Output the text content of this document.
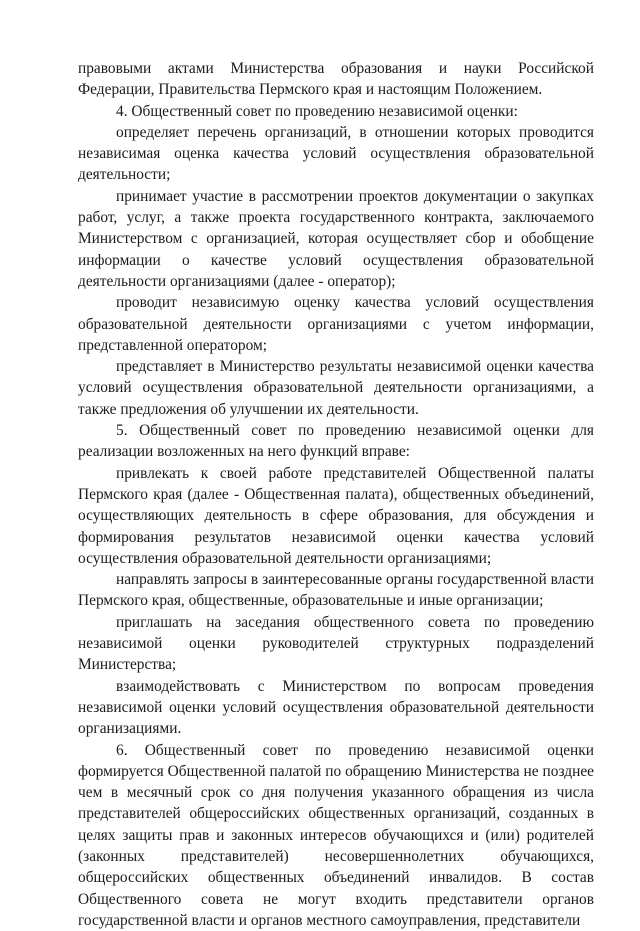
правовыми актами Министерства образования и науки Российской Федерации, Правительства Пермского края и настоящим Положением.

4. Общественный совет по проведению независимой оценки:

определяет перечень организаций, в отношении которых проводится независимая оценка качества условий осуществления образовательной деятельности;

принимает участие в рассмотрении проектов документации о закупках работ, услуг, а также проекта государственного контракта, заключаемого Министерством с организацией, которая осуществляет сбор и обобщение информации о качестве условий осуществления образовательной деятельности организациями (далее - оператор);

проводит независимую оценку качества условий осуществления образовательной деятельности организациями с учетом информации, представленной оператором;

представляет в Министерство результаты независимой оценки качества условий осуществления образовательной деятельности организациями, а также предложения об улучшении их деятельности.

5. Общественный совет по проведению независимой оценки для реализации возложенных на него функций вправе:

привлекать к своей работе представителей Общественной палаты Пермского края (далее - Общественная палата), общественных объединений, осуществляющих деятельность в сфере образования, для обсуждения и формирования результатов независимой оценки качества условий осуществления образовательной деятельности организациями;

направлять запросы в заинтересованные органы государственной власти Пермского края, общественные, образовательные и иные организации;

приглашать на заседания общественного совета по проведению независимой оценки руководителей структурных подразделений Министерства;

взаимодействовать с Министерством по вопросам проведения независимой оценки условий осуществления образовательной деятельности организациями.

6. Общественный совет по проведению независимой оценки формируется Общественной палатой по обращению Министерства не позднее чем в месячный срок со дня получения указанного обращения из числа представителей общероссийских общественных организаций, созданных в целях защиты прав и законных интересов обучающихся и (или) родителей (законных представителей) несовершеннолетних обучающихся, общероссийских общественных объединений инвалидов. В состав Общественного совета не могут входить представители органов государственной власти и органов местного самоуправления, представители
